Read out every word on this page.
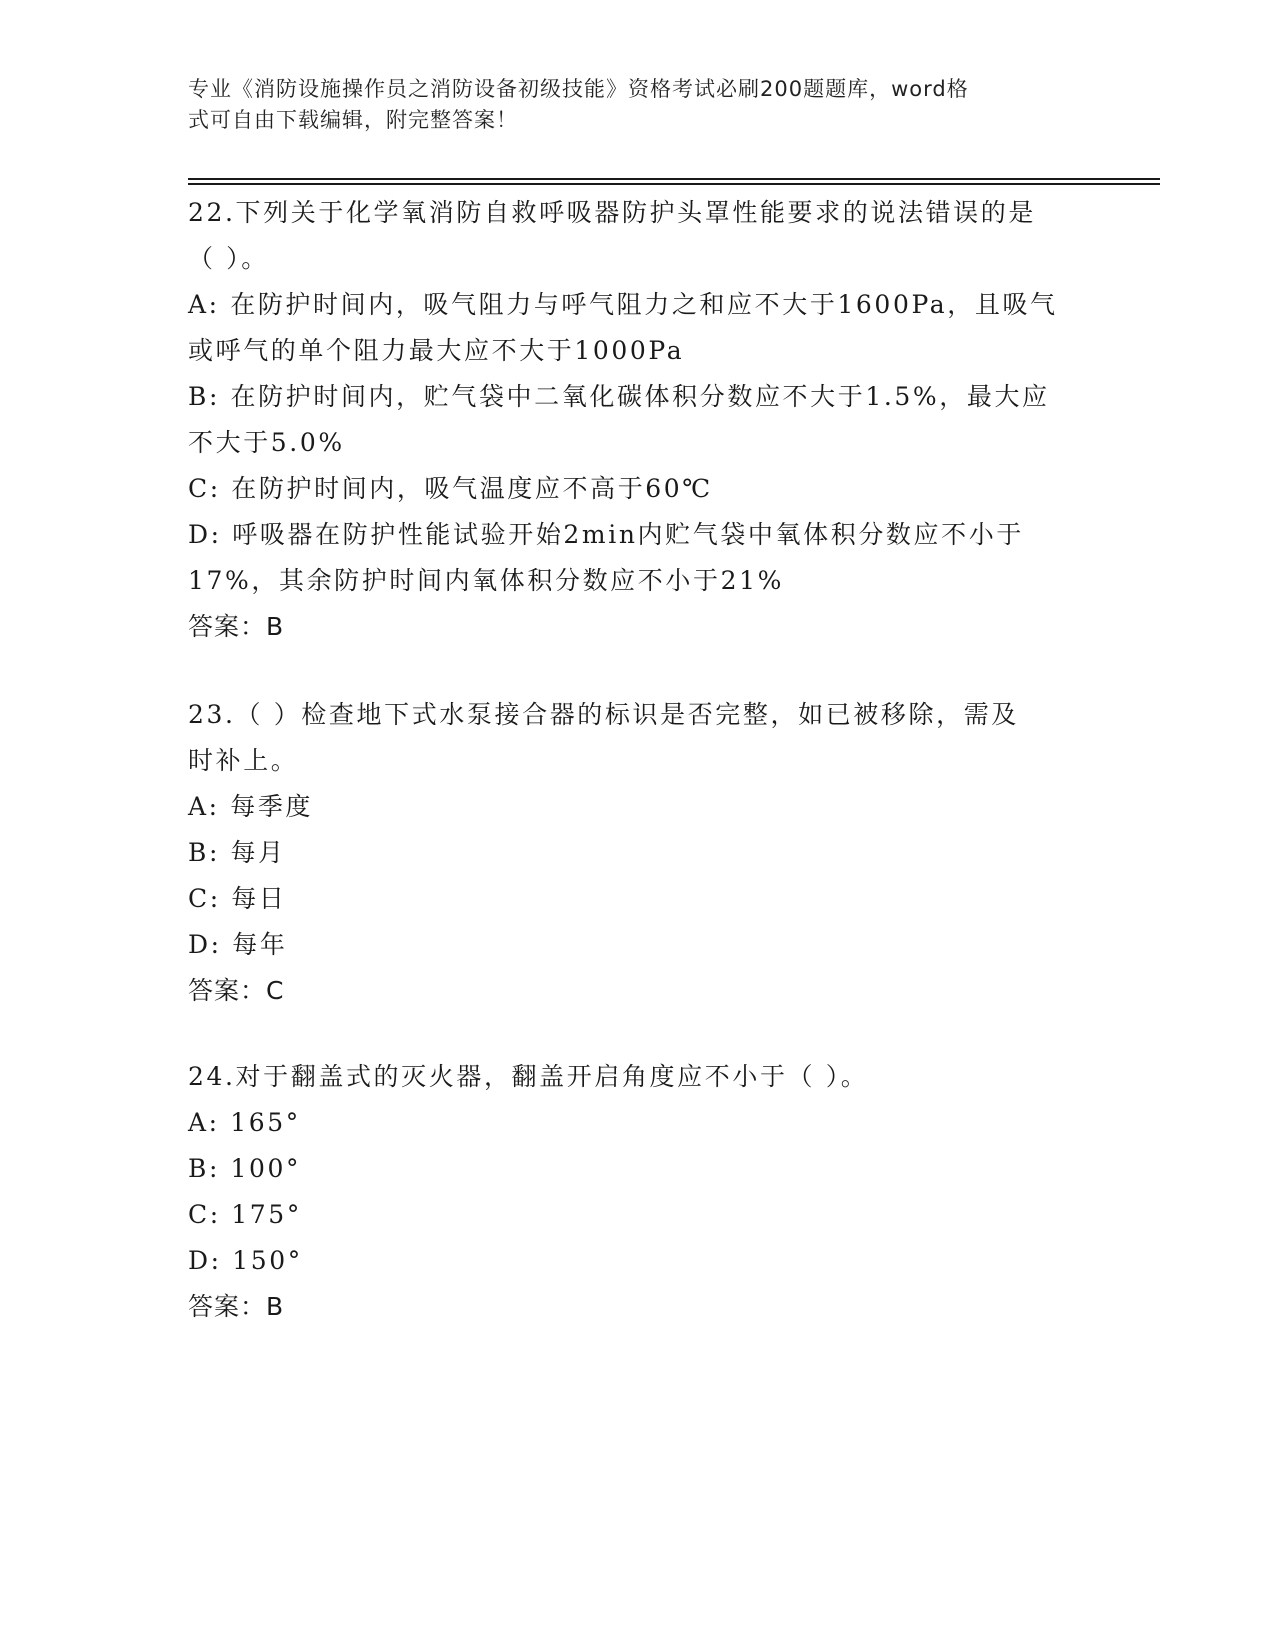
专业《消防设施操作员之消防设备初级技能》资格考试必刷200题题库，word格
式可自由下载编辑，附完整答案！
22.下列关于化学氧消防自救呼吸器防护头罩性能要求的说法错误的是
（ ）。
A: 在防护时间内，吸气阻力与呼气阻力之和应不大于1600Pa，且吸气
或呼气的单个阻力最大应不大于1000Pa
B: 在防护时间内，贮气袋中二氧化碳体积分数应不大于1.5%，最大应
不大于5.0%
C: 在防护时间内，吸气温度应不高于60℃
D: 呼吸器在防护性能试验开始2min内贮气袋中氧体积分数应不小于
17%，其余防护时间内氧体积分数应不小于21%
答案：B
23.（ ）检查地下式水泵接合器的标识是否完整，如已被移除，需及
时补上。
A: 每季度
B: 每月
C: 每日
D: 每年
答案：C
24.对于翻盖式的灭火器，翻盖开启角度应不小于（ ）。
A: 165°
B: 100°
C: 175°
D: 150°
答案：B
